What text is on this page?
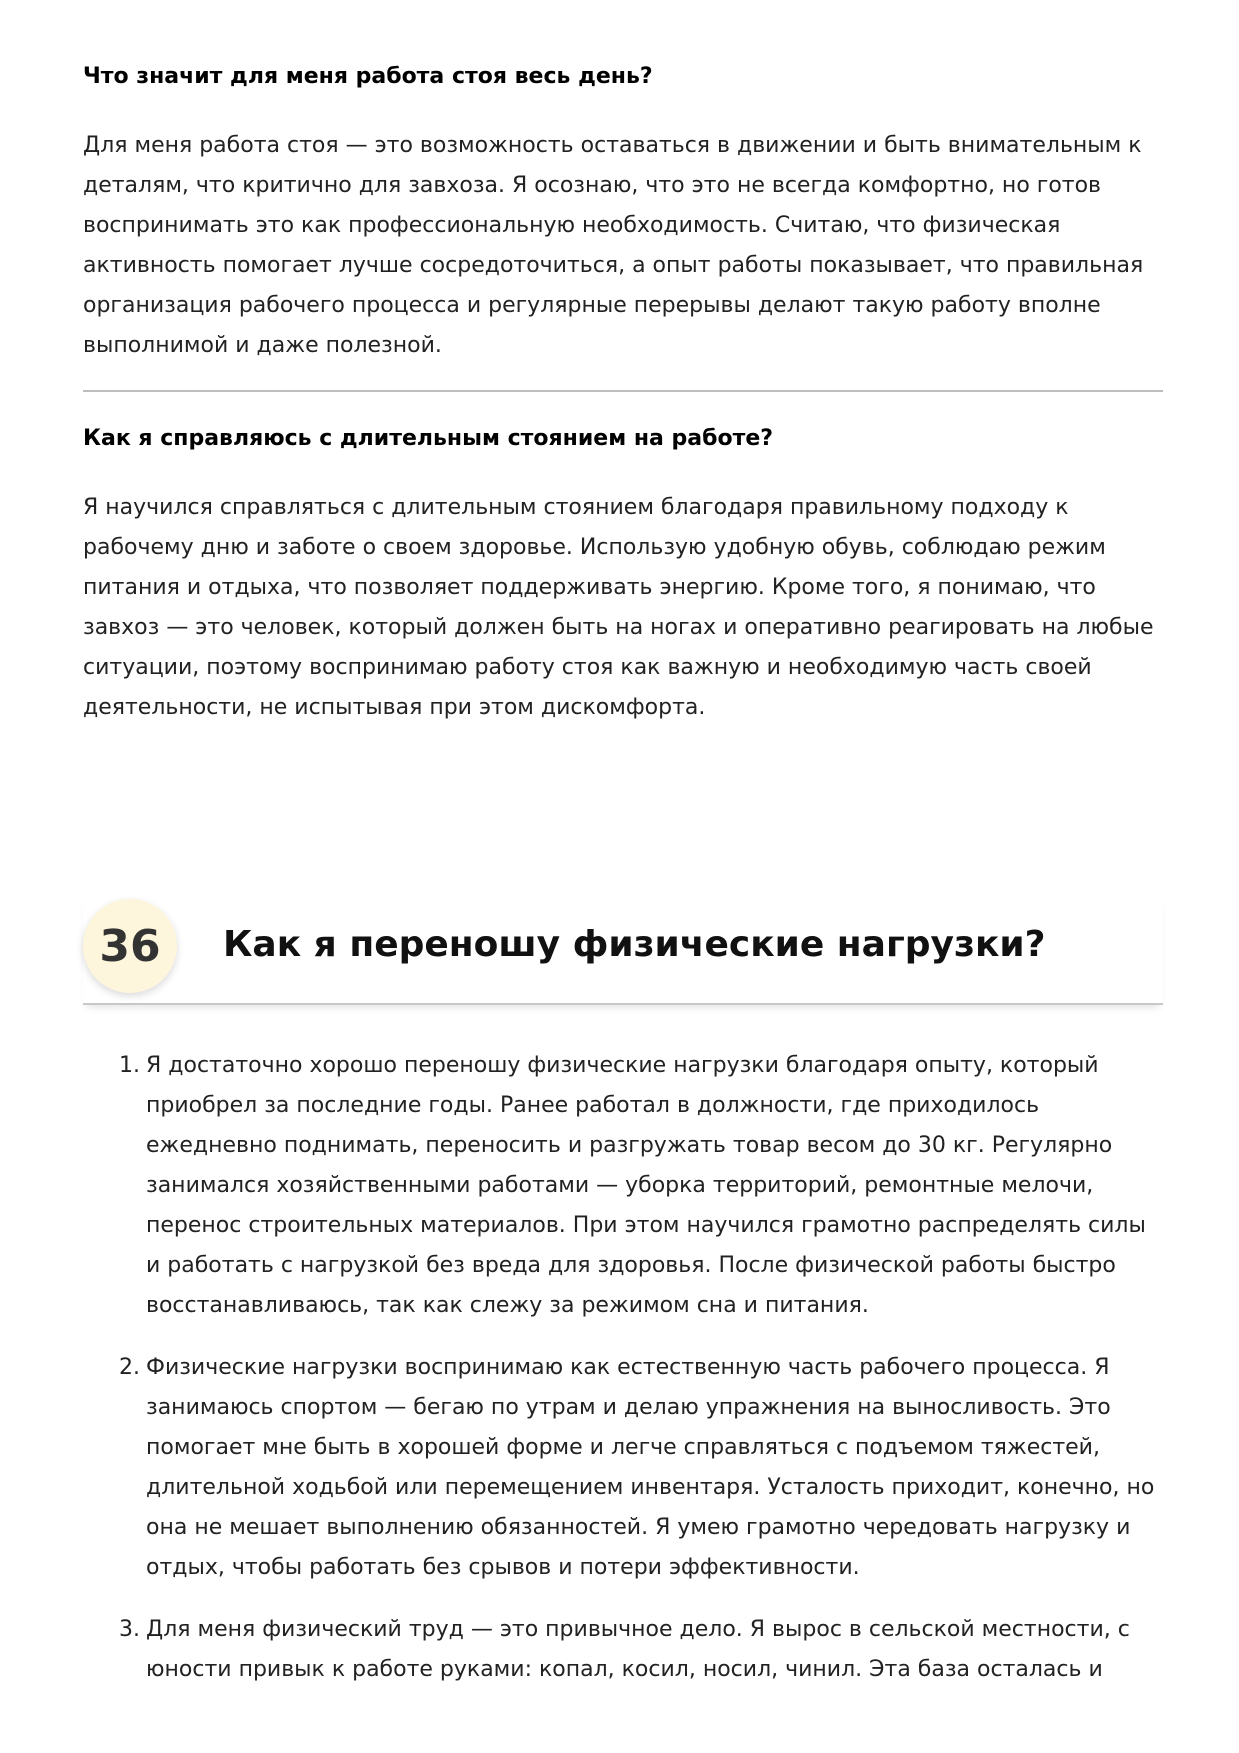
Что значит для меня работа стоя весь день?

Для меня работа стоя — это возможность оставаться в движении и быть внимательным к деталям, что критично для завхоза. Я осознаю, что это не всегда комфортно, но готов воспринимать это как профессиональную необходимость. Считаю, что физическая активность помогает лучше сосредоточиться, а опыт работы показывает, что правильная организация рабочего процесса и регулярные перерывы делают такую работу вполне выполнимой и даже полезной.

Как я справляюсь с длительным стоянием на работе?

Я научился справляться с длительным стоянием благодаря правильному подходу к рабочему дню и заботе о своем здоровье. Использую удобную обувь, соблюдаю режим питания и отдыха, что позволяет поддерживать энергию. Кроме того, я понимаю, что завхоз — это человек, который должен быть на ногах и оперативно реагировать на любые ситуации, поэтому воспринимаю работу стоя как важную и необходимую часть своей деятельности, не испытывая при этом дискомфорта.

36	Как я переношу физические нагрузки?
1. Я достаточно хорошо переношу физические нагрузки благодаря опыту, который приобрел за последние годы. Ранее работал в должности, где приходилось ежедневно поднимать, переносить и разгружать товар весом до 30 кг. Регулярно занимался хозяйственными работами — уборка территорий, ремонтные мелочи, перенос строительных материалов. При этом научился грамотно распределять силы и работать с нагрузкой без вреда для здоровья. После физической работы быстро восстанавливаюсь, так как слежу за режимом сна и питания.
2. Физические нагрузки воспринимаю как естественную часть рабочего процесса. Я занимаюсь спортом — бегаю по утрам и делаю упражнения на выносливость. Это помогает мне быть в хорошей форме и легче справляться с подъемом тяжестей, длительной ходьбой или перемещением инвентаря. Усталость приходит, конечно, но она не мешает выполнению обязанностей. Я умею грамотно чередовать нагрузку и отдых, чтобы работать без срывов и потери эффективности.
3. Для меня физический труд — это привычное дело. Я вырос в сельской местности, с юности привык к работе руками: копал, косил, носил, чинил. Эта база осталась и
